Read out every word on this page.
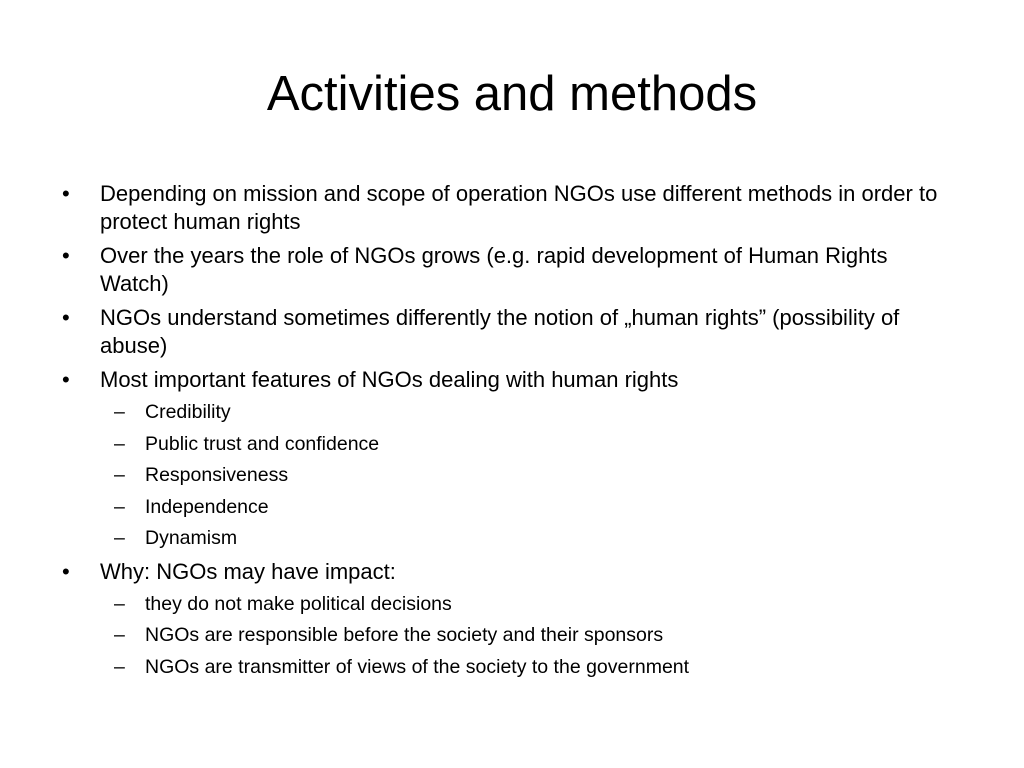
Activities and methods
• Depending on mission and scope of operation NGOs use different methods in order to protect human rights
• Over the years the role of NGOs grows (e.g. rapid development of Human Rights Watch)
• NGOs understand sometimes differently the notion of „human rights” (possibility of abuse)
• Most important features of NGOs dealing with human rights
– Credibility
– Public trust and confidence
– Responsiveness
– Independence
– Dynamism
• Why: NGOs may have impact:
– they do not make political decisions
– NGOs are responsible before the society and their sponsors
– NGOs are transmitter of views of the society to the government
